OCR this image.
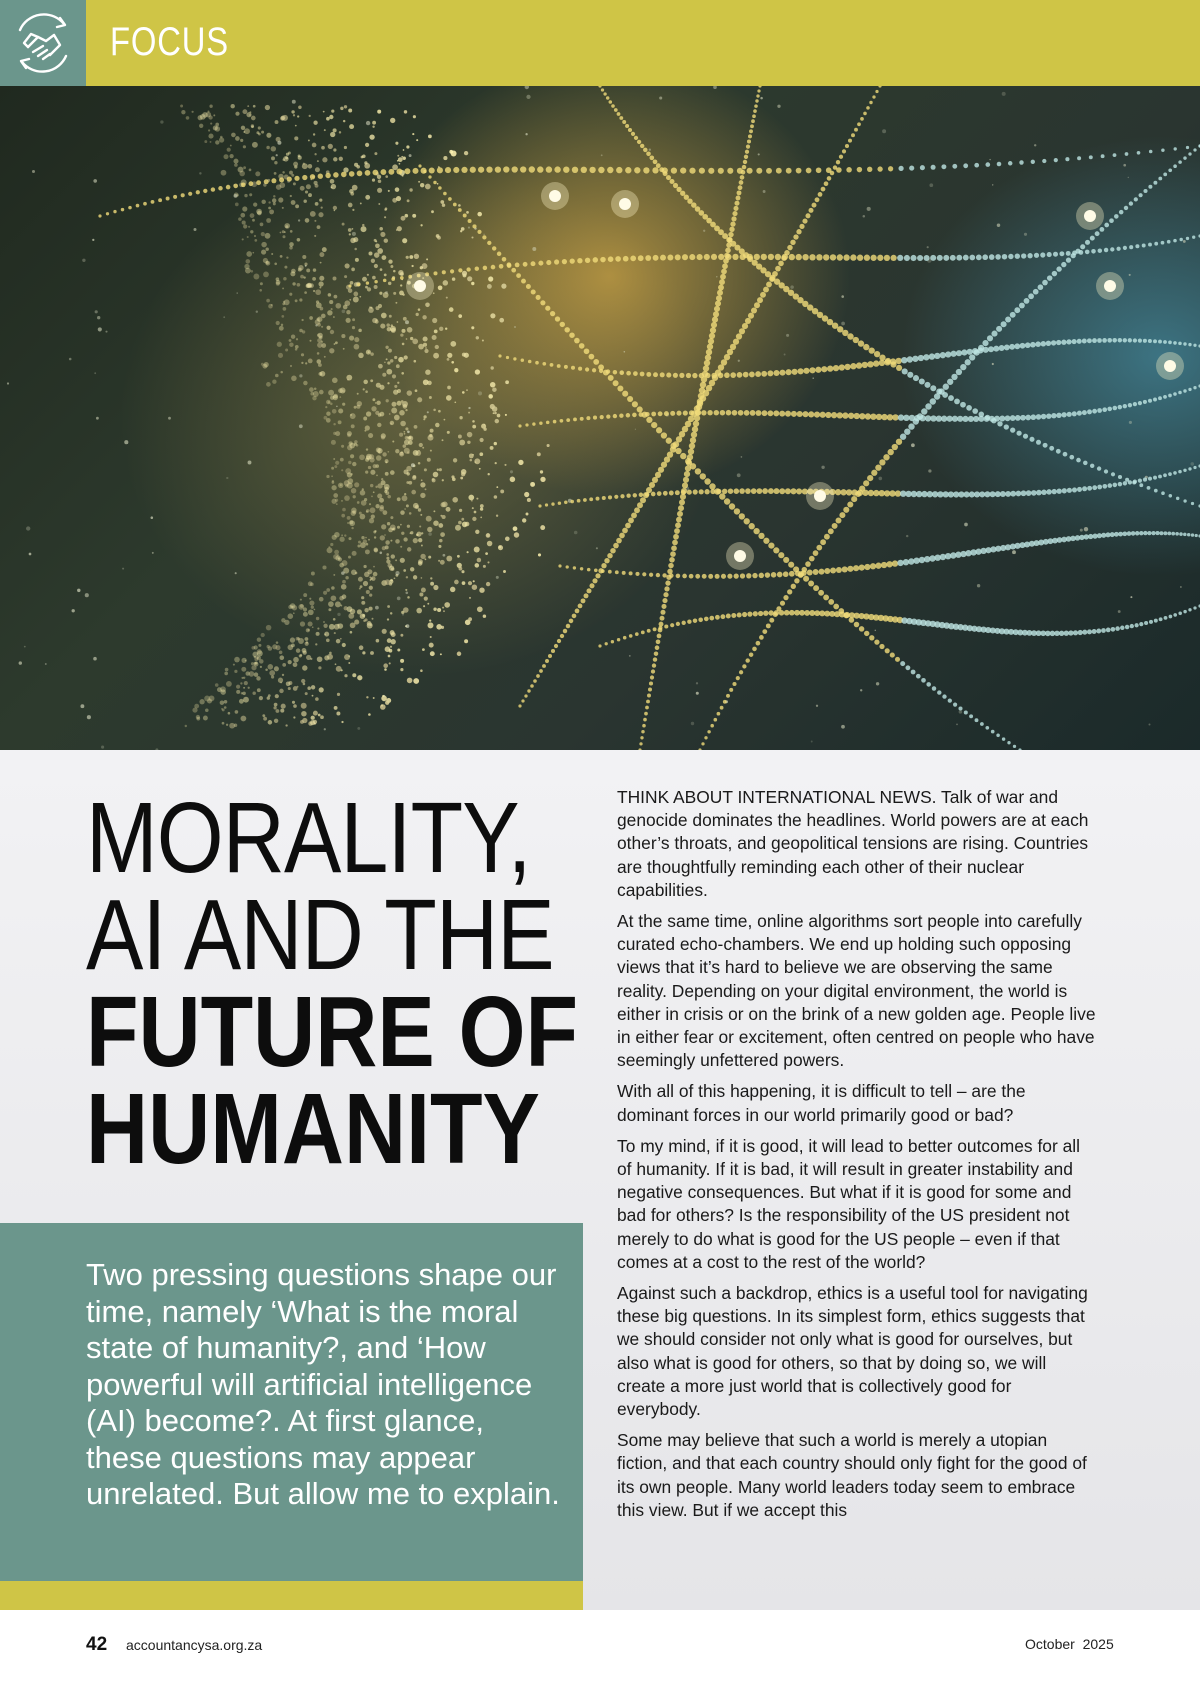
FOCUS
MORALITY,
AI AND THE
FUTURE OF
HUMANITY

Two pressing questions shape our time, namely ‘What is the moral state of humanity?, and ‘How powerful will artificial intelligence (AI) become?. At first glance, these questions may appear unrelated. But allow me to explain.

THINK ABOUT INTERNATIONAL NEWS. Talk of war and genocide dominates the headlines. World powers are at each other’s throats, and geopolitical tensions are rising. Countries are thoughtfully reminding each other of their nuclear capabilities.

At the same time, online algorithms sort people into carefully curated echo-chambers. We end up holding such opposing views that it’s hard to believe we are observing the same reality. Depending on your digital environment, the world is either in crisis or on the brink of a new golden age. People live in either fear or excitement, often centred on people who have seemingly unfettered powers.

With all of this happening, it is difficult to tell – are the dominant forces in our world primarily good or bad?

To my mind, if it is good, it will lead to better outcomes for all of humanity. If it is bad, it will result in greater instability and negative consequences. But what if it is good for some and bad for others? Is the responsibility of the US president not merely to do what is good for the US people – even if that comes at a cost to the rest of the world?

Against such a backdrop, ethics is a useful tool for navigating these big questions. In its simplest form, ethics suggests that we should consider not only what is good for ourselves, but also what is good for others, so that by doing so, we will create a more just world that is collectively good for everybody.

Some may believe that such a world is merely a utopian fiction, and that each country should only fight for the good of its own people. Many world leaders today seem to embrace this view. But if we accept this

42 accountancysa.org.za	October  2025
